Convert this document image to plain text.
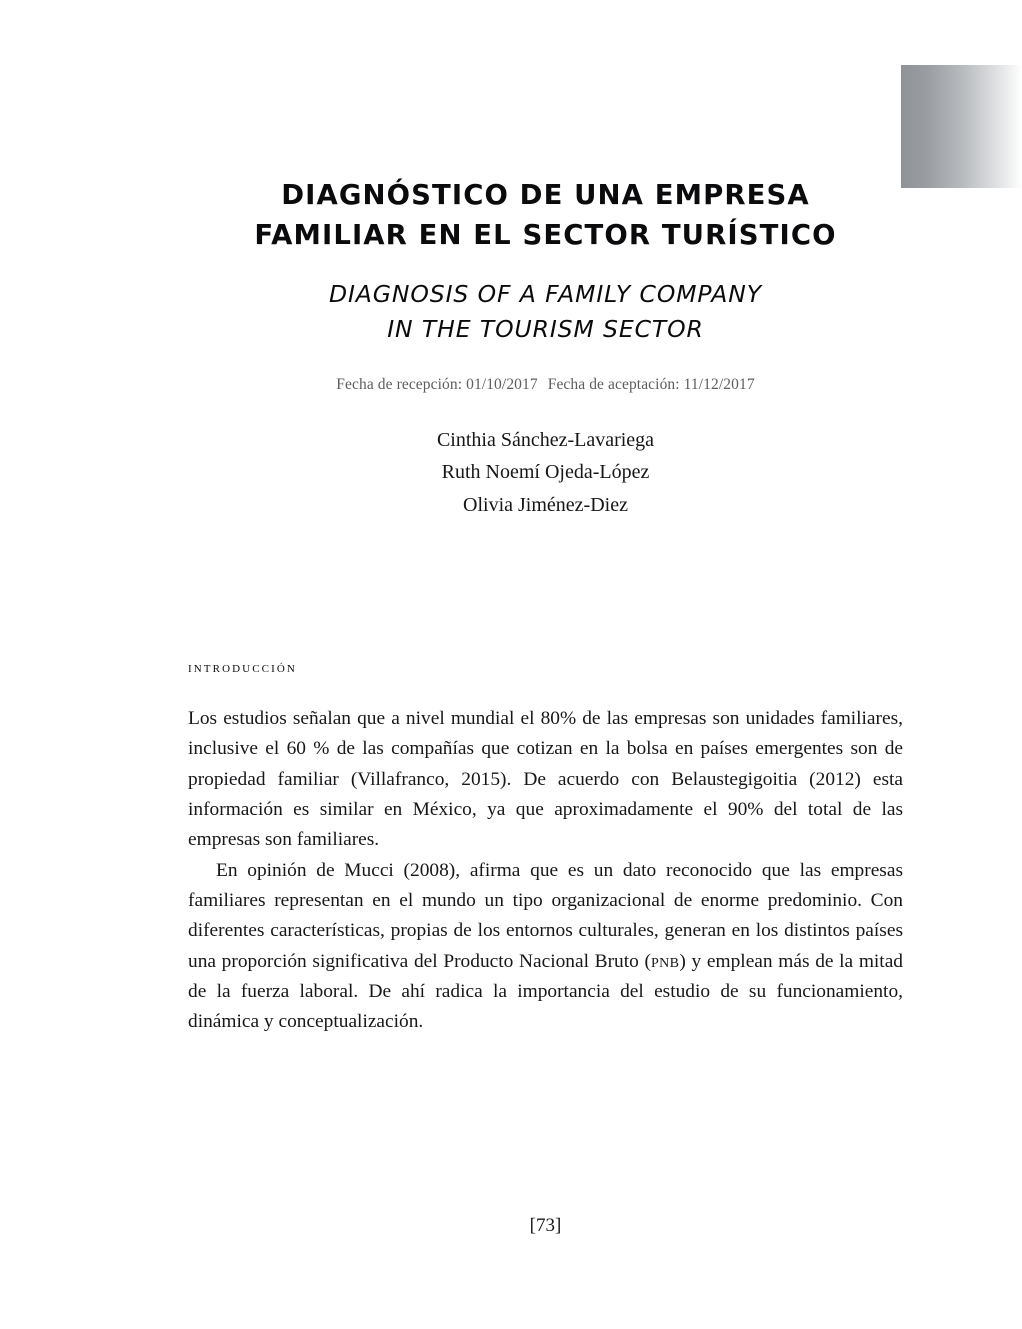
DIAGNÓSTICO DE UNA EMPRESA
FAMILIAR EN EL SECTOR TURÍSTICO
DIAGNOSIS OF A FAMILY COMPANY
IN THE TOURISM SECTOR
Fecha de recepción: 01/10/2017 Fecha de aceptación: 11/12/2017
Cinthia Sánchez-Lavariega
Ruth Noemí Ojeda-López
Olivia Jiménez-Diez
introducción

Los estudios señalan que a nivel mundial el 80% de las empresas son unidades familiares, inclusive el 60 % de las compañías que cotizan en la bolsa en países emergentes son de propiedad familiar (Villafranco, 2015). De acuerdo con Belaustegigoitia (2012) esta información es similar en México, ya que aproximadamente el 90% del total de las empresas son familiares.

En opinión de Mucci (2008), afirma que es un dato reconocido que las empresas familiares representan en el mundo un tipo organizacional de enorme predominio. Con diferentes características, propias de los entornos culturales, generan en los distintos países una proporción significativa del Producto Nacional Bruto (pnb) y emplean más de la mitad de la fuerza laboral. De ahí radica la importancia del estudio de su funcionamiento, dinámica y conceptualización.

[73]
